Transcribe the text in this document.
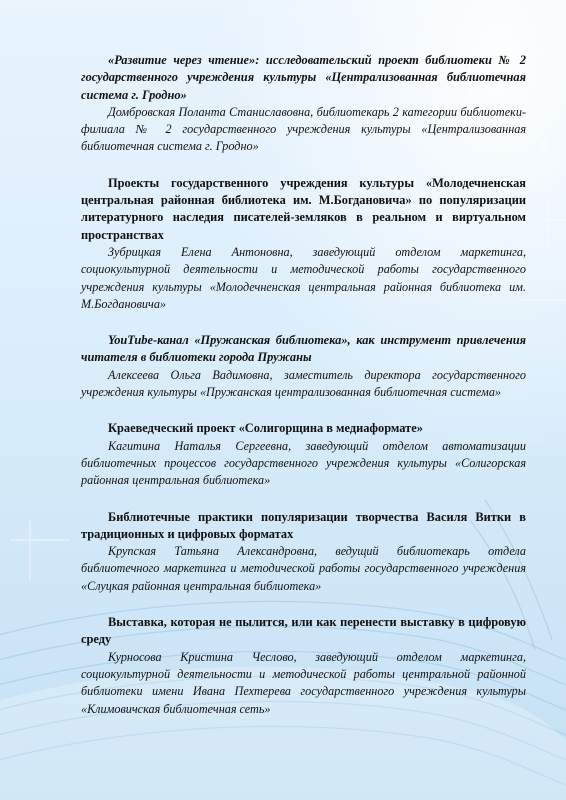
«Развитие через чтение»: исследовательский проект библиотеки № 2 государственного учреждения культуры «Централизованная библиотечная система г. Гродно»

Домбровская Поланта Станиславовна, библиотекарь 2 категории библиотеки-филиала № 2 государственного учреждения культуры «Централизованная библиотечная система г. Гродно»

Проекты государственного учреждения культуры «Молодечненская центральная районная библиотека им. М.Богдановича» по популяризации литературного наследия писателей-земляков в реальном и виртуальном пространствах

Зубрицкая Елена Антоновна, заведующий отделом маркетинга, социокультурной деятельности и методической работы государственного учреждения культуры «Молодечненская центральная районная библиотека им. М.Богдановича»

YouTube-канал «Пружанская библиотека», как инструмент привлечения читателя в библиотеки города Пружаны

Алексеева Ольга Вадимовна, заместитель директора государственного учреждения культуры «Пружанская централизованная библиотечная система»

Краеведческий проект «Солигорщина в медиаформате»

Кагитина Наталья Сергеевна, заведующий отделом автоматизации библиотечных процессов государственного учреждения культуры «Солигорская районная центральная библиотека»

Библиотечные практики популяризации творчества Василя Витки в традиционных и цифровых форматах

Крупская Татьяна Александровна, ведущий библиотекарь отдела библиотечного маркетинга и методической работы государственного учреждения «Слуцкая районная центральная библиотека»

Выставка, которая не пылится, или как перенести выставку в цифровую среду

Курносова Кристина Чеслово, заведующий отделом маркетинга, социокультурной деятельности и методической работы центральной районной библиотеки имени Ивана Пехтерева государственного учреждения культуры «Климовичская библиотечная сеть»
